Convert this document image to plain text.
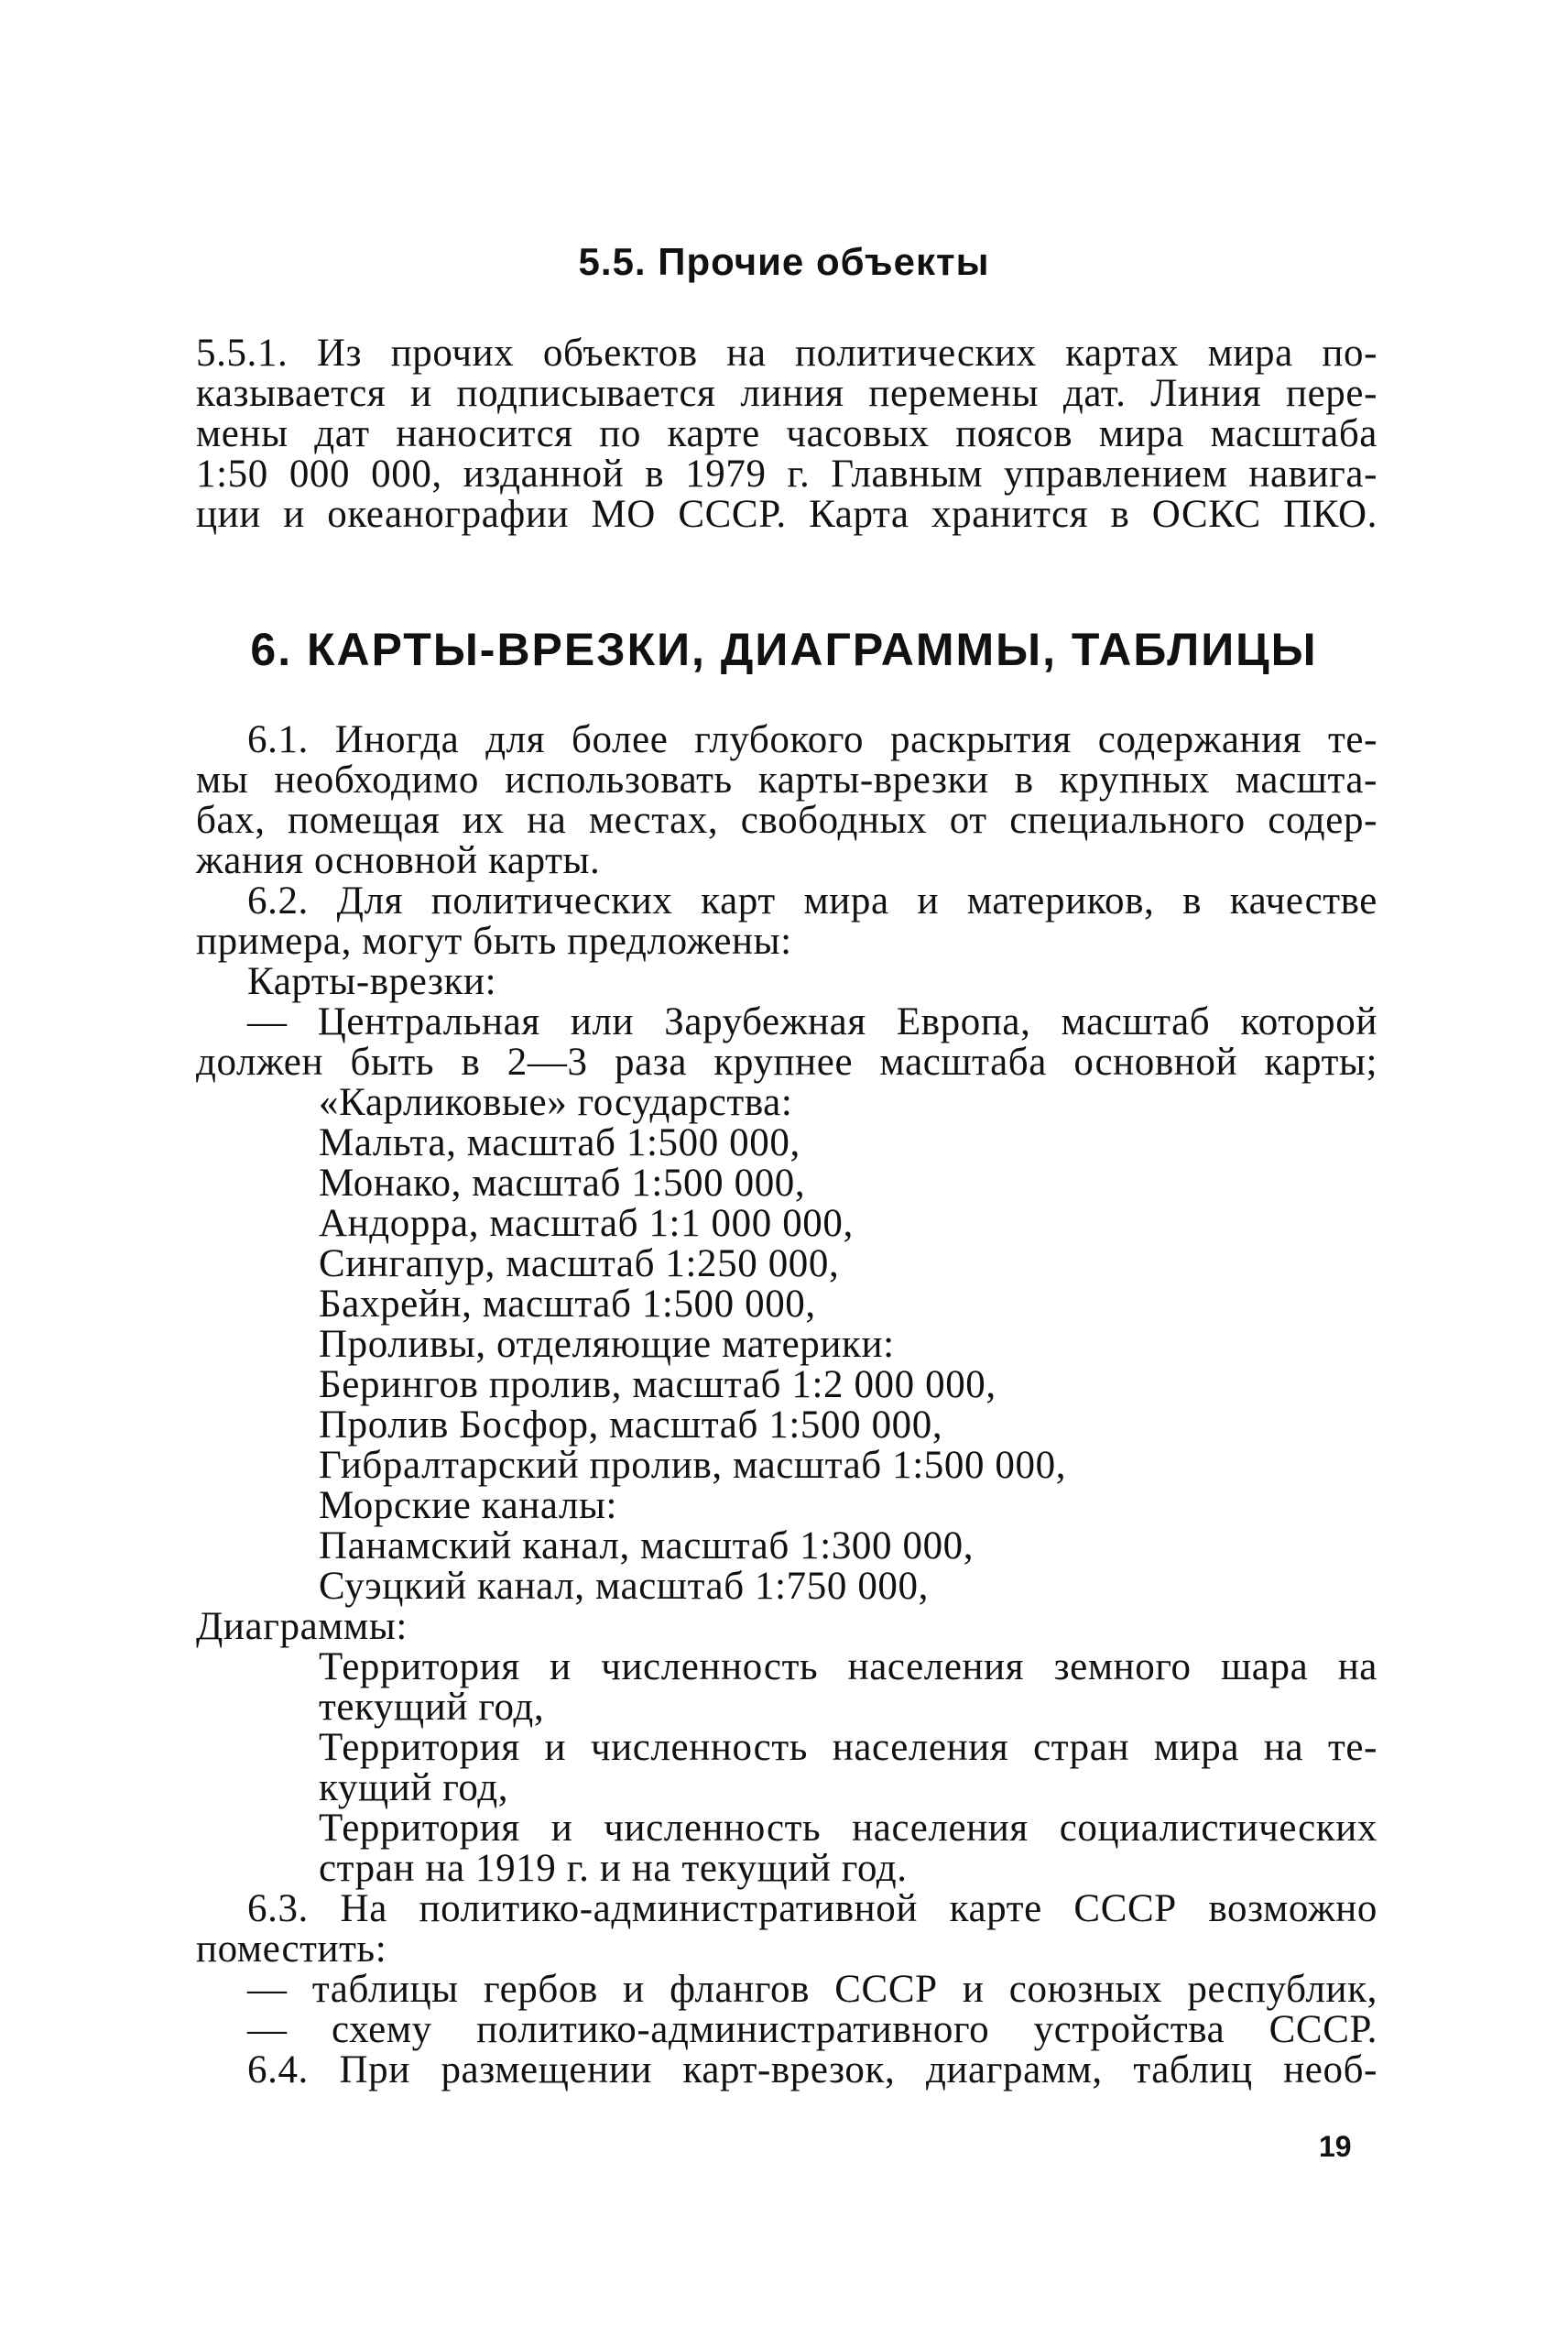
5.5. Прочие объекты
5.5.1. Из прочих объектов на политических картах мира по-
казывается и подписывается линия перемены дат. Линия пере-
мены дат наносится по карте часовых поясов мира масштаба
1:50 000 000, изданной в 1979 г. Главным управлением навига-
ции и океанографии МО СССР. Карта хранится в ОСКС ПКО.
6. КАРТЫ-ВРЕЗКИ, ДИАГРАММЫ, ТАБЛИЦЫ
6.1. Иногда для более глубокого раскрытия содержания те-
мы необходимо использовать карты-врезки в крупных масшта-
бах, помещая их на местах, свободных от специального содер-
жания основной карты.
6.2. Для политических карт мира и материков, в качестве
примера, могут быть предложены:
Карты-врезки:
— Центральная или Зарубежная Европа, масштаб которой
должен быть в 2—3 раза крупнее масштаба основной карты;
«Карликовые» государства:
Мальта, масштаб 1:500 000,
Монако, масштаб 1:500 000,
Андорра, масштаб 1:1 000 000,
Сингапур, масштаб 1:250 000,
Бахрейн, масштаб 1:500 000,
Проливы, отделяющие материки:
Берингов пролив, масштаб 1:2 000 000,
Пролив Босфор, масштаб 1:500 000,
Гибралтарский пролив, масштаб 1:500 000,
Морские каналы:
Панамский канал, масштаб 1:300 000,
Суэцкий канал, масштаб 1:750 000,
Диаграммы:
Территория и численность населения земного шара на
текущий год,
Территория и численность населения стран мира на те-
кущий год,
Территория и численность населения социалистических
стран на 1919 г. и на текущий год.
6.3. На политико-административной карте СССР возможно
поместить:
— таблицы гербов и флангов СССР и союзных республик,
— схему политико-административного устройства СССР.
6.4. При размещении карт-врезок, диаграмм, таблиц необ-
19
